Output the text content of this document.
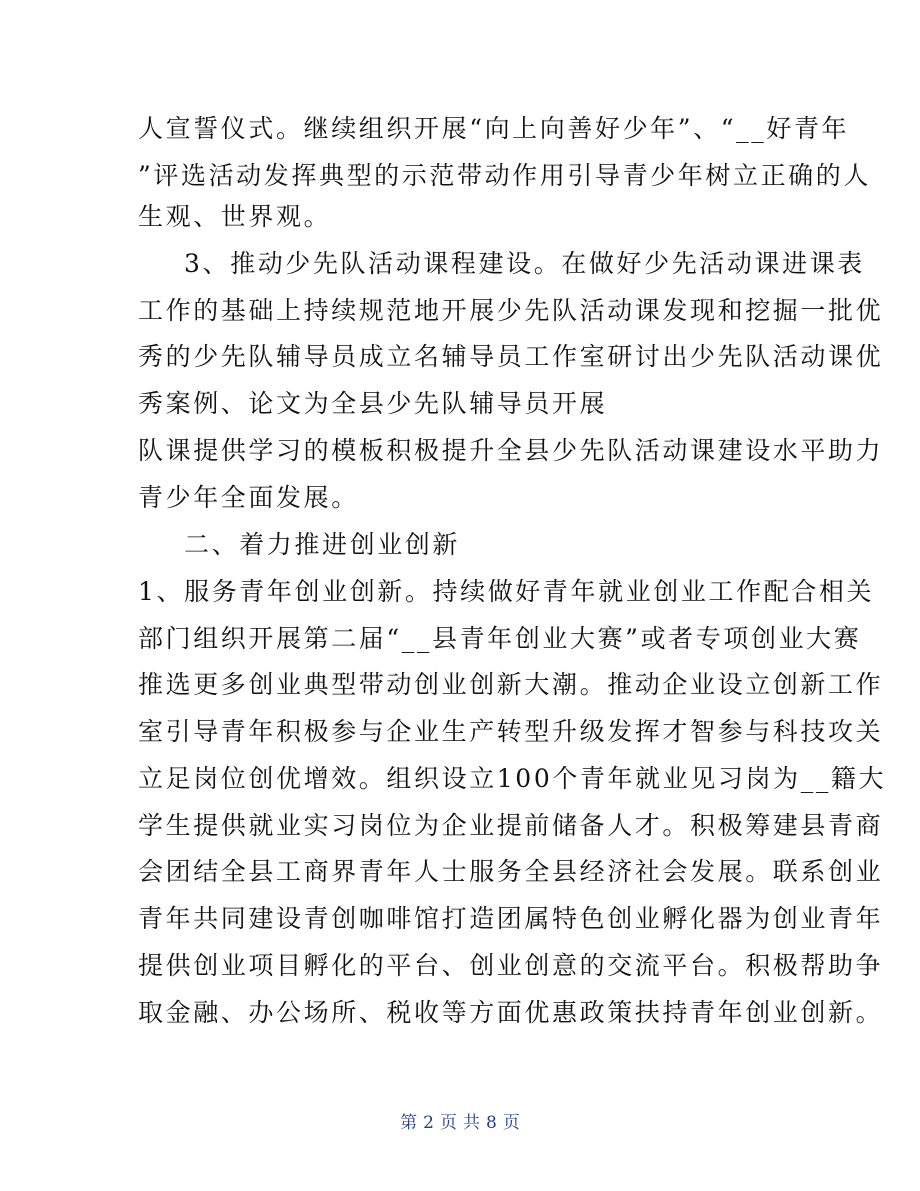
人宣誓仪式。继续组织开展“向上向善好少年”、“__好青年
”评选活动发挥典型的示范带动作用引导青少年树立正确的人
生观、世界观。
3、推动少先队活动课程建设。在做好少先活动课进课表
工作的基础上持续规范地开展少先队活动课发现和挖掘一批优
秀的少先队辅导员成立名辅导员工作室研讨出少先队活动课优
秀案例、论文为全县少先队辅导员开展
队课提供学习的模板积极提升全县少先队活动课建设水平助力
青少年全面发展。
二、着力推进创业创新
1、服务青年创业创新。持续做好青年就业创业工作配合相关
部门组织开展第二届“__县青年创业大赛”或者专项创业大赛
推选更多创业典型带动创业创新大潮。推动企业设立创新工作
室引导青年积极参与企业生产转型升级发挥才智参与科技攻关
立足岗位创优增效。组织设立100个青年就业见习岗为__籍大
学生提供就业实习岗位为企业提前储备人才。积极筹建县青商
会团结全县工商界青年人士服务全县经济社会发展。联系创业
青年共同建设青创咖啡馆打造团属特色创业孵化器为创业青年
提供创业项目孵化的平台、创业创意的交流平台。积极帮助争
取金融、办公场所、税收等方面优惠政策扶持青年创业创新。
第 2 页 共 8 页
